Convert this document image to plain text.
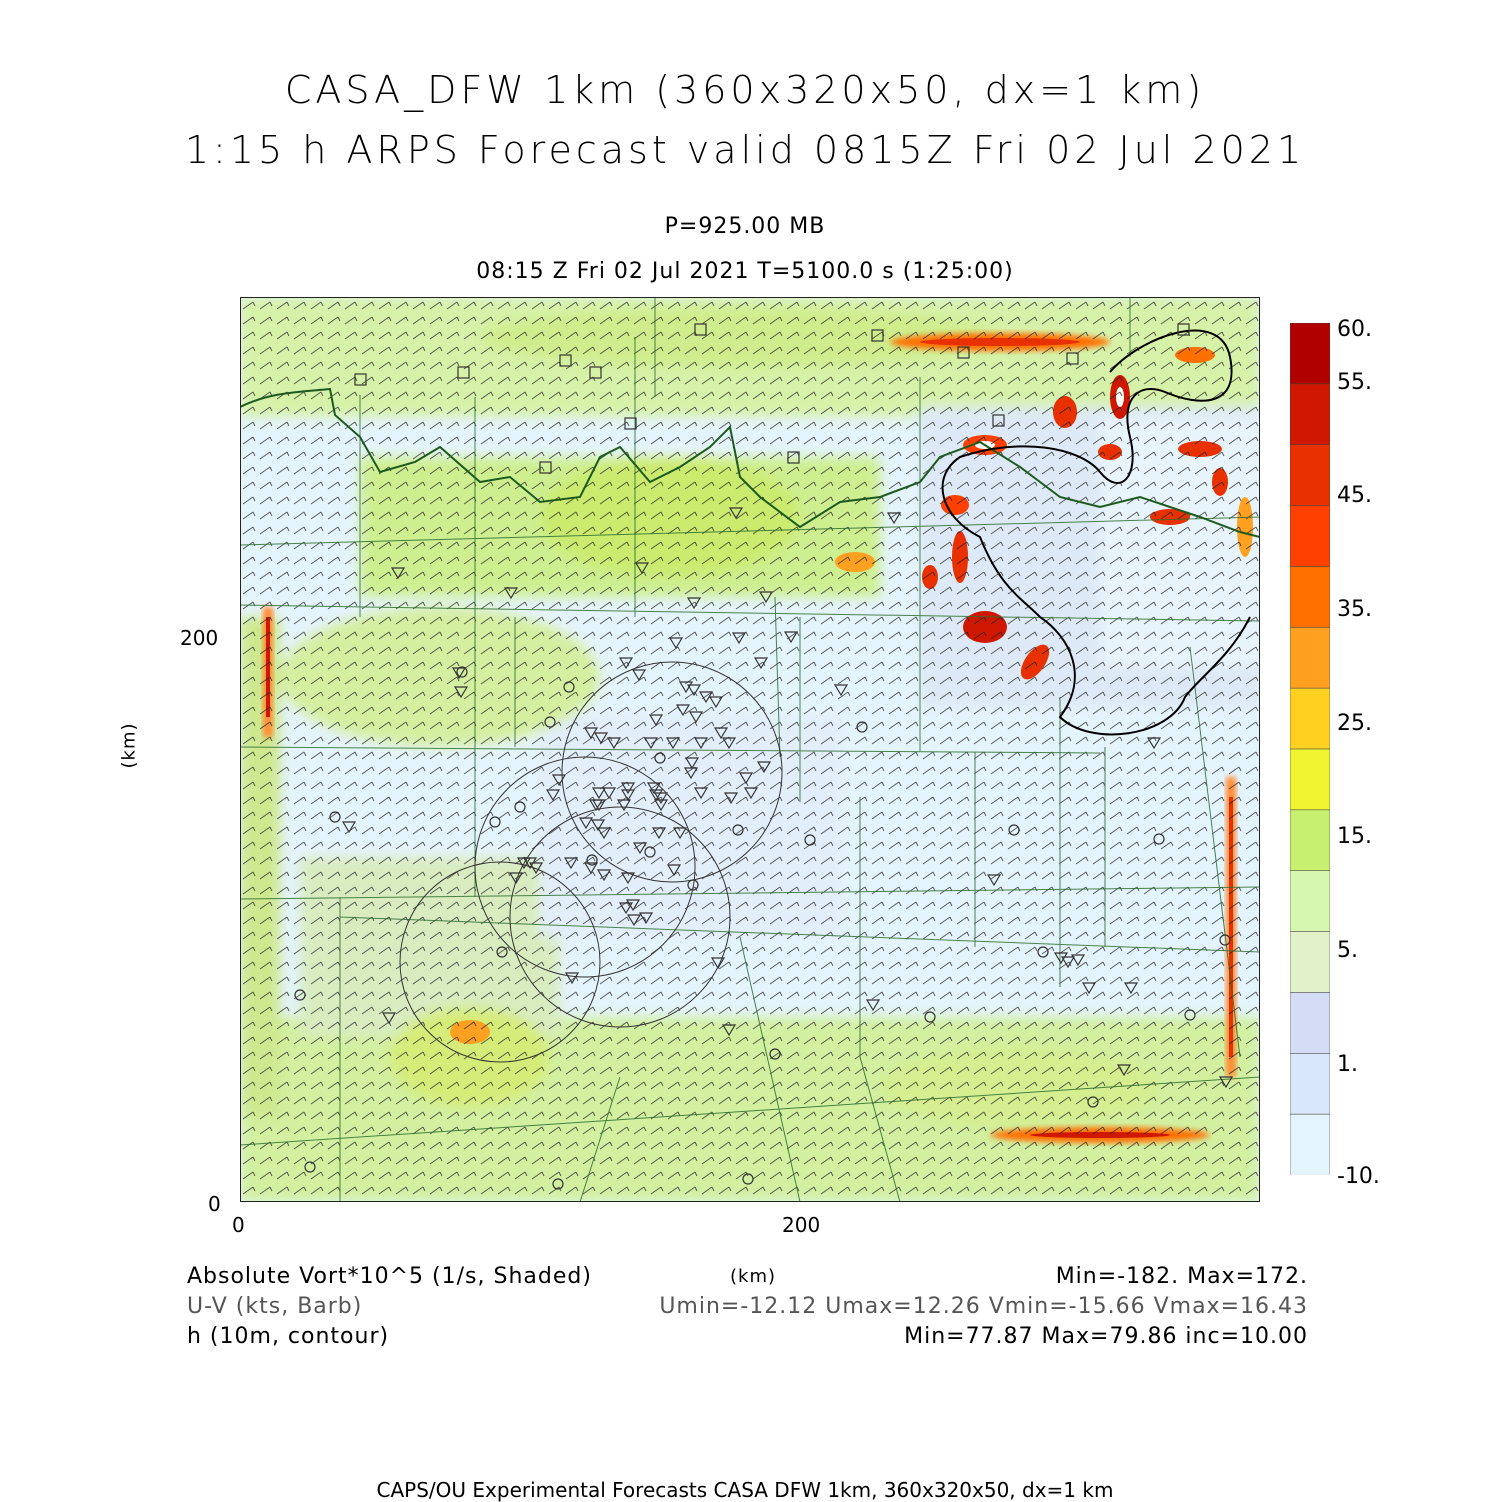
CASA_DFW 1km (360x320x50, dx=1 km)
1:15 h ARPS Forecast valid 0815Z Fri 02 Jul 2021
P=925.00 MB
08:15 Z Fri 02 Jul 2021 T=5100.0 s (1:25:00)
200
0
0	200
(km)
(km)
60.
55.
45.
35.
25.
15.
5.
1.
-10.
Absolute Vort*10^5 (1/s, Shaded)
U-V (kts, Barb)
h (10m, contour)
Min=-182. Max=172.
Umin=-12.12 Umax=12.26 Vmin=-15.66 Vmax=16.43
Min=77.87 Max=79.86 inc=10.00
CAPS/OU Experimental Forecasts CASA DFW 1km, 360x320x50, dx=1 km
